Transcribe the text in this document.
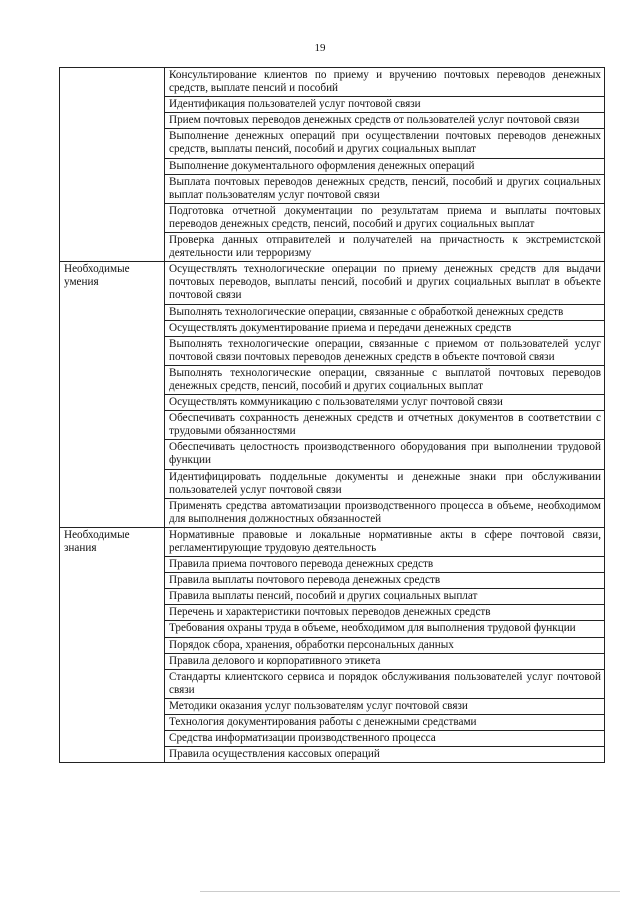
19
	Консультирование клиентов по приему и вручению почтовых переводов денежных средств, выплате пенсий и пособий
	Идентификация пользователей услуг почтовой связи
	Прием почтовых переводов денежных средств от пользователей услуг почтовой связи
	Выполнение денежных операций при осуществлении почтовых переводов денежных средств, выплаты пенсий, пособий и других социальных выплат
	Выполнение документального оформления денежных операций
	Выплата почтовых переводов денежных средств, пенсий, пособий и других социальных выплат пользователям услуг почтовой связи
	Подготовка отчетной документации по результатам приема и выплаты почтовых переводов денежных средств, пенсий, пособий и других социальных выплат
	Проверка данных отправителей и получателей на причастность к экстремистской деятельности или терроризму
Необходимые умения	Осуществлять технологические операции по приему денежных средств для выдачи почтовых переводов, выплаты пенсий, пособий и других социальных выплат в объекте почтовой связи
	Выполнять технологические операции, связанные с обработкой денежных средств
	Осуществлять документирование приема и передачи денежных средств
	Выполнять технологические операции, связанные с приемом от пользователей услуг почтовой связи почтовых переводов денежных средств в объекте почтовой связи
	Выполнять технологические операции, связанные с выплатой почтовых переводов денежных средств, пенсий, пособий и других социальных выплат
	Осуществлять коммуникацию с пользователями услуг почтовой связи
	Обеспечивать сохранность денежных средств и отчетных документов в соответствии с трудовыми обязанностями
	Обеспечивать целостность производственного оборудования при выполнении трудовой функции
	Идентифицировать поддельные документы и денежные знаки при обслуживании пользователей услуг почтовой связи
	Применять средства автоматизации производственного процесса в объеме, необходимом для выполнения должностных обязанностей
Необходимые знания	Нормативные правовые и локальные нормативные акты в сфере почтовой связи, регламентирующие трудовую деятельность
	Правила приема почтового перевода денежных средств
	Правила выплаты почтового перевода денежных средств
	Правила выплаты пенсий, пособий и других социальных выплат
	Перечень и характеристики почтовых переводов денежных средств
	Требования охраны труда в объеме, необходимом для выполнения трудовой функции
	Порядок сбора, хранения, обработки персональных данных
	Правила делового и корпоративного этикета
	Стандарты клиентского сервиса и порядок обслуживания пользователей услуг почтовой связи
	Методики оказания услуг пользователям услуг почтовой связи
	Технология документирования работы с денежными средствами
	Средства информатизации производственного процесса
	Правила осуществления кассовых операций
